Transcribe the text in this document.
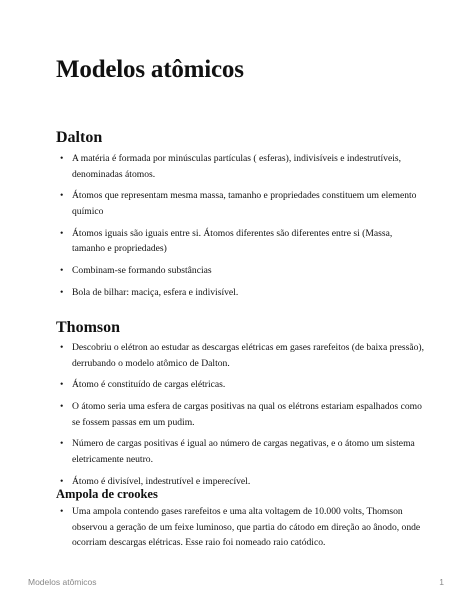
Modelos atômicos
Dalton
• A matéria é formada por minúsculas partículas ( esferas), indivisíveis e indestrutíveis, denominadas átomos.
• Átomos que representam mesma massa, tamanho e propriedades constituem um elemento químico
• Átomos iguais são iguais entre si. Átomos diferentes são diferentes entre si (Massa, tamanho e propriedades)
• Combinam-se formando substâncias
• Bola de bilhar: maciça, esfera e indivisível.
Thomson
• Descobriu o elétron ao estudar as descargas elétricas em gases rarefeitos (de baixa pressão), derrubando o modelo atômico de Dalton.
• Átomo é constituído de cargas elétricas.
• O átomo seria uma esfera de cargas positivas na qual os elétrons estariam espalhados como se fossem passas em um pudim.
• Número de cargas positivas é igual ao número de cargas negativas, e o átomo um sistema eletricamente neutro.
• Átomo é divisível, indestrutível e imperecível.
Ampola de crookes
• Uma ampola contendo gases rarefeitos e uma alta voltagem de 10.000 volts, Thomson observou a geração de um feixe luminoso, que partia do cátodo em direção ao ânodo, onde ocorriam descargas elétricas. Esse raio foi nomeado raio catódico.
Modelos atômicos	1
